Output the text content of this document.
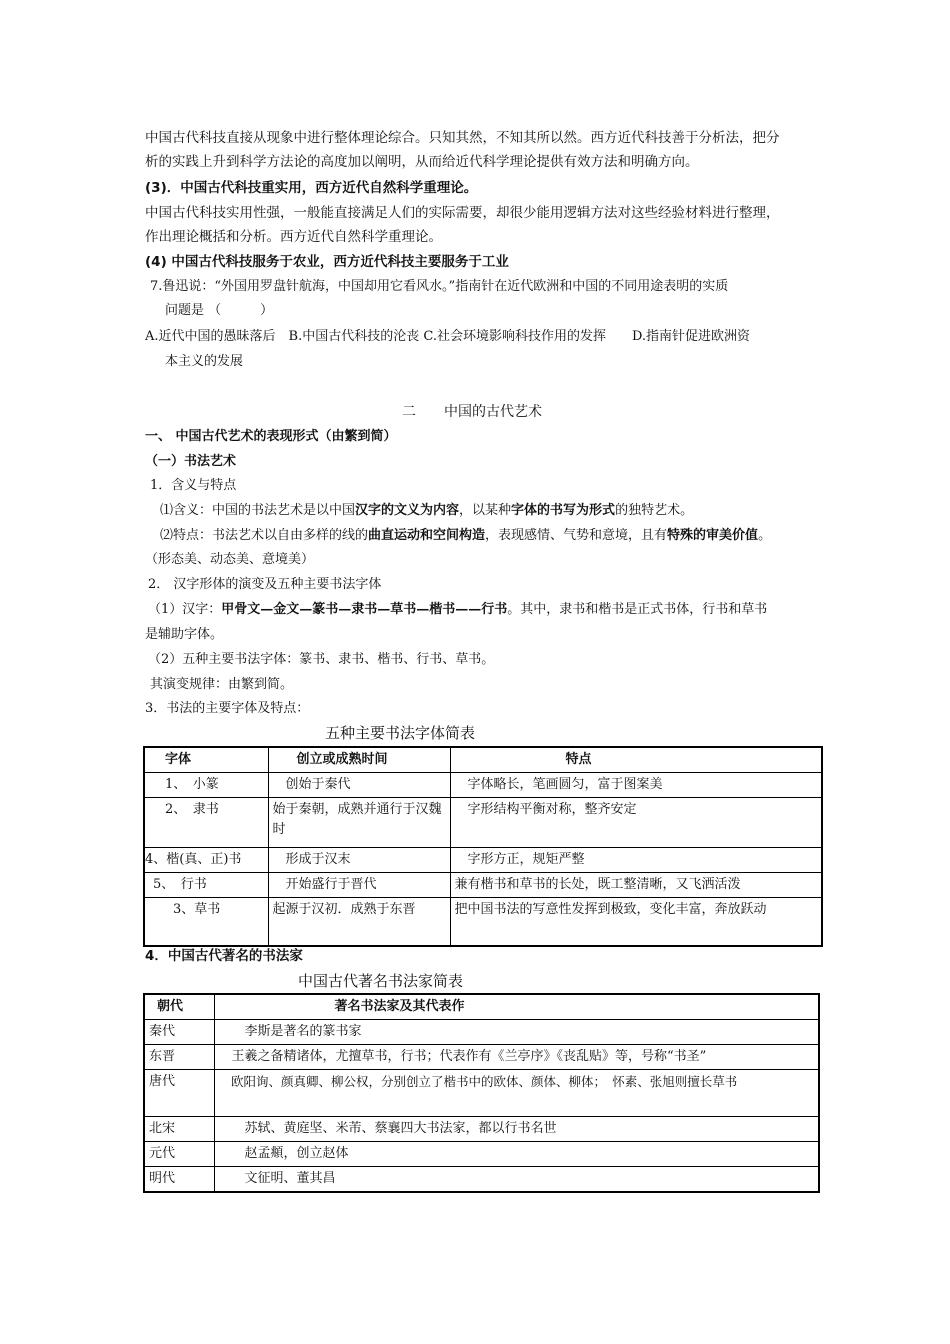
中国古代科技直接从现象中进行整体理论综合。只知其然，不知其所以然。西方近代科技善于分析法，把分
析的实践上升到科学方法论的高度加以阐明，从而给近代科学理论提供有效方法和明确方向。
(3)．中国古代科技重实用，西方近代自然科学重理论。
中国古代科技实用性强，一般能直接满足人们的实际需要，却很少能用逻辑方法对这些经验材料进行整理，
作出理论概括和分析。西方近代自然科学重理论。
(4) 中国古代科技服务于农业，西方近代科技主要服务于工业
7.鲁迅说：“外国用罗盘针航海，中国却用它看风水。”指南针在近代欧洲和中国的不同用途表明的实质
问题是 （　　　）
A.近代中国的愚昧落后　B.中国古代科技的沦丧 C.社会环境影响科技作用的发挥　　D.指南针促进欧洲资
本主义的发展
二　　中国的古代艺术
一、 中国古代艺术的表现形式（由繁到简）
（一）书法艺术
1．含义与特点
⑴含义：中国的书法艺术是以中国汉字的文义为内容，以某种字体的书写为形式的独特艺术。
⑵特点：书法艺术以自由多样的线的曲直运动和空间构造，表现感情、气势和意境，且有特殊的审美价值。
（形态美、动态美、意境美）
2． 汉字形体的演变及五种主要书法字体
（1）汉字：甲骨文—金文—篆书—隶书—草书—楷书——行书。其中，隶书和楷书是正式书体，行书和草书
是辅助字体。
（2）五种主要书法字体：篆书、隶书、楷书、行书、草书。
其演变规律：由繁到简。
3．书法的主要字体及特点：
五种主要书法字体简表
字体	创立或成熟时间	特点
1、　小篆	　创始于秦代	　字体略长，笔画圆匀，富于图案美
2、　隶书	始于秦朝，成熟并通行于汉魏时	　字形结构平衡对称，整齐安定
4、楷(真、正)书	　形成于汉末	　字形方正，规矩严整
5、　行书	　开始盛行于晋代	兼有楷书和草书的长处，既工整清晰，又飞洒活泼
3、草书	起源于汉初．成熟于东晋	把中国书法的写意性发挥到极致，变化丰富，奔放跃动
4．中国古代著名的书法家
中国古代著名书法家简表
朝代	著名书法家及其代表作
秦代	　　李斯是著名的篆书家
东晋	　王羲之备精诸体，尤擅草书，行书；代表作有《兰亭序》《丧乱贴》等，号称“书圣”
唐代	　欧阳询、颜真卿、柳公权，分别创立了楷书中的欧体、颜体、柳体；　怀素、张旭则擅长草书
北宋	　　苏轼、黄庭坚、米芾、蔡襄四大书法家，都以行书名世
元代	　　赵孟頫，创立赵体
明代	　　文征明、董其昌
